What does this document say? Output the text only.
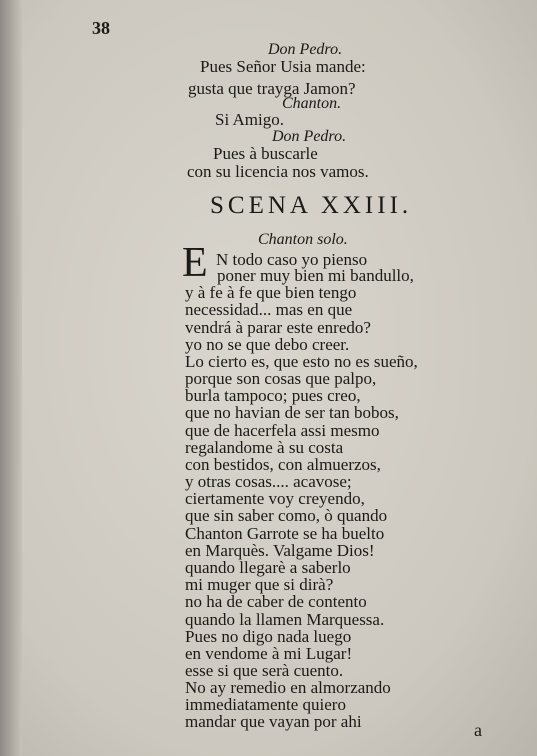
38
Don Pedro.
Pues Señor Usia mande:
gusta que trayga Jamon?
Chanton.
Si Amigo.
Don Pedro.
Pues à buscarle
con su licencia nos vamos.
SCENA XXIII.
Chanton solo.
E N todo caso yo pienso
poner muy bien mi bandullo,
y à fe à fe que bien tengo
necessidad... mas en que
vendrá à parar este enredo?
yo no se que debo creer.
Lo cierto es, que esto no es sueño,
porque son cosas que palpo,
burla tampoco; pues creo,
que no havian de ser tan bobos,
que de hacerfela assi mesmo
regalandome à su costa
con bestidos, con almuerzos,
y otras cosas.... acavose;
ciertamente voy creyendo,
que sin saber como, ò quando
Chanton Garrote se ha buelto
en Marquès. Valgame Dios!
quando llegarè a saberlo
mi muger que si dirà?
no ha de caber de contento
quando la llamen Marquessa.
Pues no digo nada luego
en vendome à mi Lugar!
esse si que serà cuento.
No ay remedio en almorzando
immediatamente quiero
mandar que vayan por ahi	a
